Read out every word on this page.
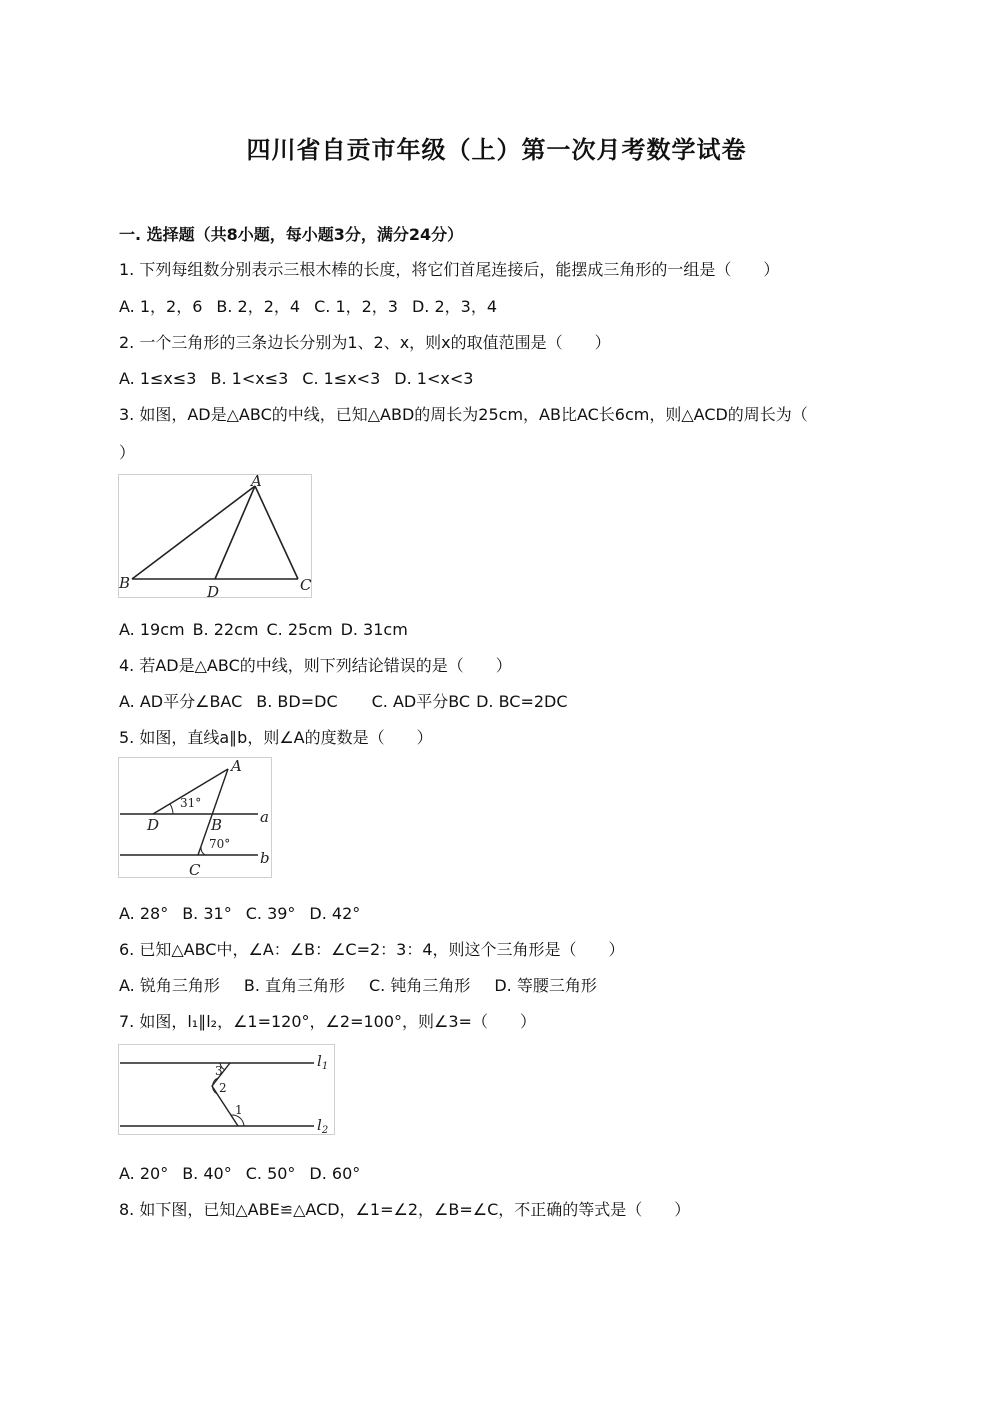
四川省自贡市年级（上）第一次月考数学试卷
一. 选择题（共8小题，每小题3分，满分24分）
1. 下列每组数分别表示三根木棒的长度，将它们首尾连接后，能摆成三角形的一组是（　　）
A. 1，2，6 B. 2，2，4 C. 1，2，3 D. 2，3，4
2. 一个三角形的三条边长分别为1、2、x，则x的取值范围是（　　）
A. 1≤x≤3 B. 1<x≤3 C. 1≤x<3 D. 1<x<3
3. 如图，AD是△ABC的中线，已知△ABD的周长为25cm，AB比AC长6cm，则△ACD的周长为（
）
A
B	C
D
A. 19cm B. 22cm C. 25cm D. 31cm
4. 若AD是△ABC的中线，则下列结论错误的是（　　）
A. AD平分∠BAC B. BD=DC C. AD平分BC D. BC=2DC
5. 如图，直线a∥b，则∠A的度数是（　　）
A
D	B
C
a
b
31°
70°
A. 28° B. 31° C. 39° D. 42°
6. 已知△ABC中，∠A：∠B：∠C=2：3：4，则这个三角形是（　　）
A. 锐角三角形 B. 直角三角形 C. 钝角三角形 D. 等腰三角形
7. 如图，l₁∥l₂，∠1=120°，∠2=100°，则∠3=（　　）
3
2
1
$l_1$
$l_2$
A. 20° B. 40° C. 50° D. 60°
8. 如下图，已知△ABE≌△ACD，∠1=∠2，∠B=∠C，不正确的等式是（　　）
